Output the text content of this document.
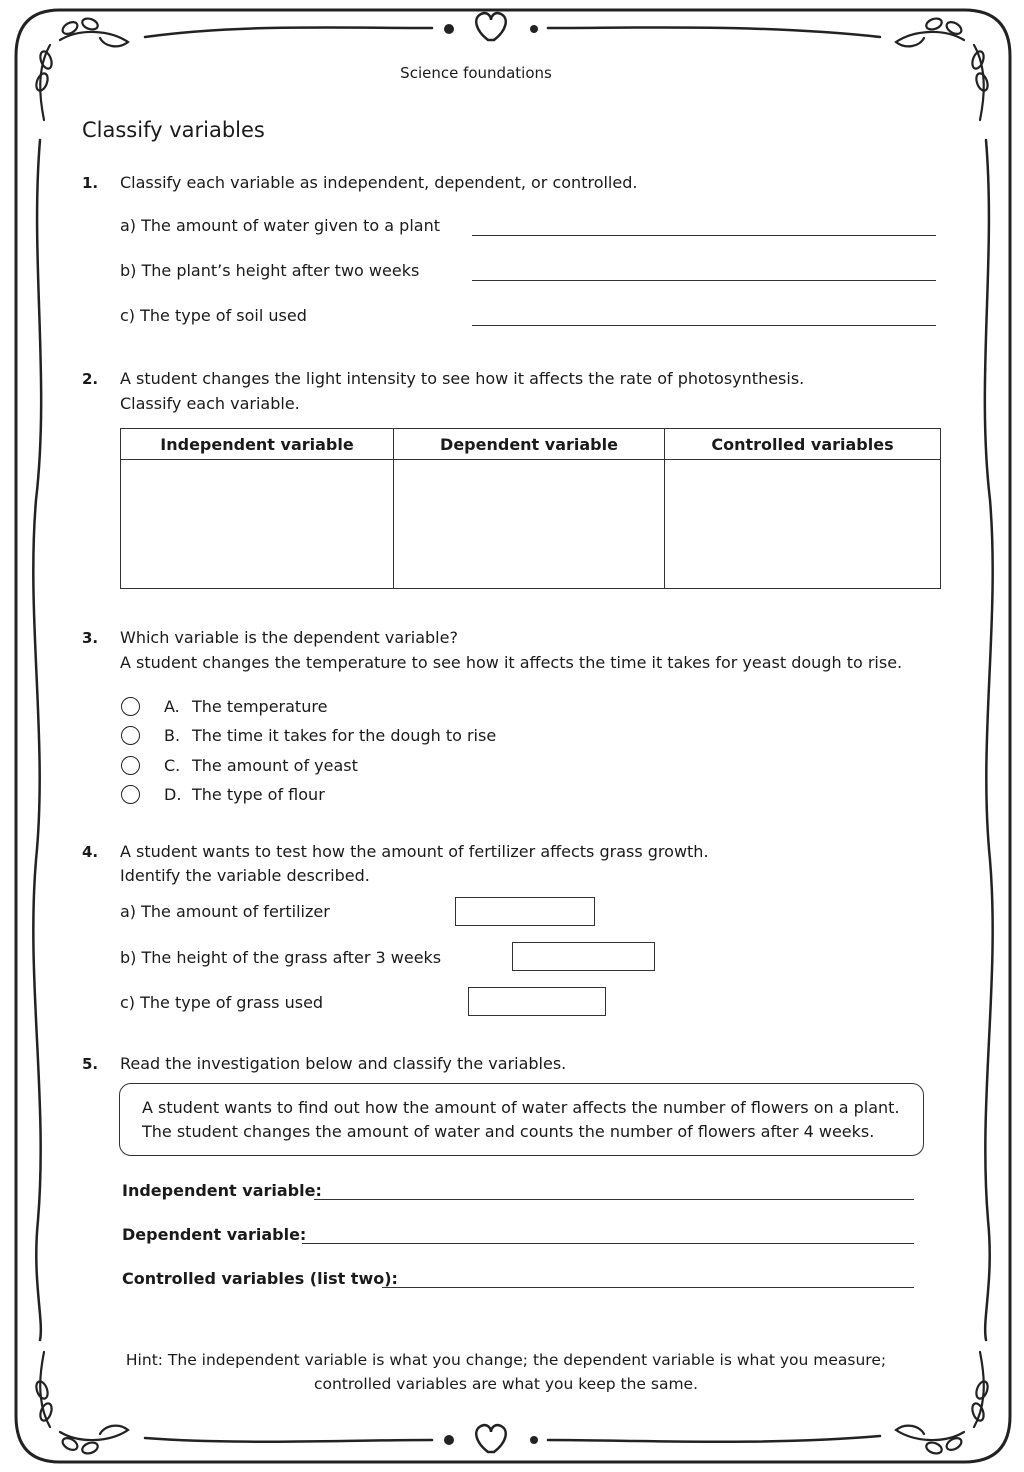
Science foundations
Classify variables
1. Classify each variable as independent, dependent, or controlled.
a) The amount of water given to a plant
b) The plant’s height after two weeks
c) The type of soil used
2. A student changes the light intensity to see how it affects the rate of photosynthesis.
Classify each variable.
Independent variable	Dependent variable	Controlled variables

3. Which variable is the dependent variable?
A student changes the temperature to see how it affects the time it takes for yeast dough to rise.
A. The temperature
B. The time it takes for the dough to rise
C. The amount of yeast
D. The type of flour
4. A student wants to test how the amount of fertilizer affects grass growth.
Identify the variable described.
a) The amount of fertilizer
b) The height of the grass after 3 weeks
c) The type of grass used
5. Read the investigation below and classify the variables.
A student wants to find out how the amount of water affects the number of flowers on a plant.
The student changes the amount of water and counts the number of flowers after 4 weeks.
Independent variable:
Dependent variable:
Controlled variables (list two):
Hint: The independent variable is what you change; the dependent variable is what you measure;
controlled variables are what you keep the same.
